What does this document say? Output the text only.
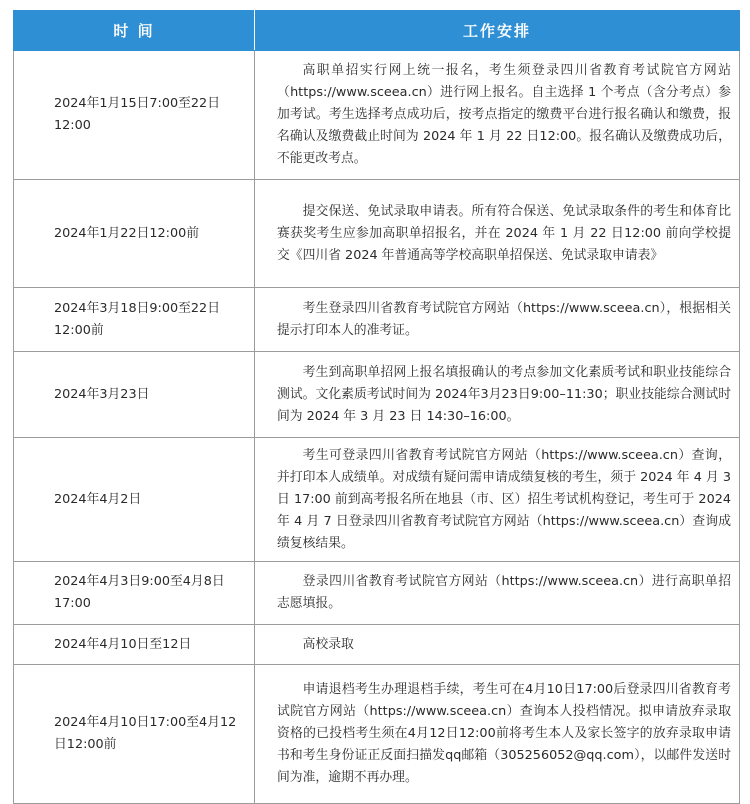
时 间	工作安排
2024年1月15日7:00至22日12:00	高职单招实行网上统一报名，考生须登录四川省教育考试院官方网站（https://www.sceea.cn）进行网上报名。自主选择 1 个考点（含分考点）参加考试。考生选择考点成功后，按考点指定的缴费平台进行报名确认和缴费，报名确认及缴费截止时间为 2024 年 1 月 22 日12:00。报名确认及缴费成功后，不能更改考点。
2024年1月22日12:00前	提交保送、免试录取申请表。所有符合保送、免试录取条件的考生和体育比赛获奖考生应参加高职单招报名，并在 2024 年 1 月 22 日12:00 前向学校提交《四川省 2024 年普通高等学校高职单招保送、免试录取申请表》
2024年3月18日9:00至22日12:00前	考生登录四川省教育考试院官方网站（https://www.sceea.cn），根据相关提示打印本人的准考证。
2024年3月23日	考生到高职单招网上报名填报确认的考点参加文化素质考试和职业技能综合测试。文化素质考试时间为 2024年3月23日9:00–11:30；职业技能综合测试时间为 2024 年 3 月 23 日 14:30–16:00。
2024年4月2日	考生可登录四川省教育考试院官方网站（https://www.sceea.cn）查询，并打印本人成绩单。对成绩有疑问需申请成绩复核的考生，须于 2024 年 4 月 3日 17:00 前到高考报名所在地县（市、区）招生考试机构登记，考生可于 2024 年 4 月 7 日登录四川省教育考试院官方网站（https://www.sceea.cn）查询成绩复核结果。
2024年4月3日9:00至4月8日17:00	登录四川省教育考试院官方网站（https://www.sceea.cn）进行高职单招志愿填报。
2024年4月10日至12日	高校录取
2024年4月10日17:00至4月12日12:00前	申请退档考生办理退档手续，考生可在4月10日17:00后登录四川省教育考试院官方网站（https://www.sceea.cn）查询本人投档情况。拟申请放弃录取资格的已投档考生须在4月12日12:00前将考生本人及家长签字的放弃录取申请书和考生身份证正反面扫描发qq邮箱（305256052@qq.com），以邮件发送时间为准，逾期不再办理。
